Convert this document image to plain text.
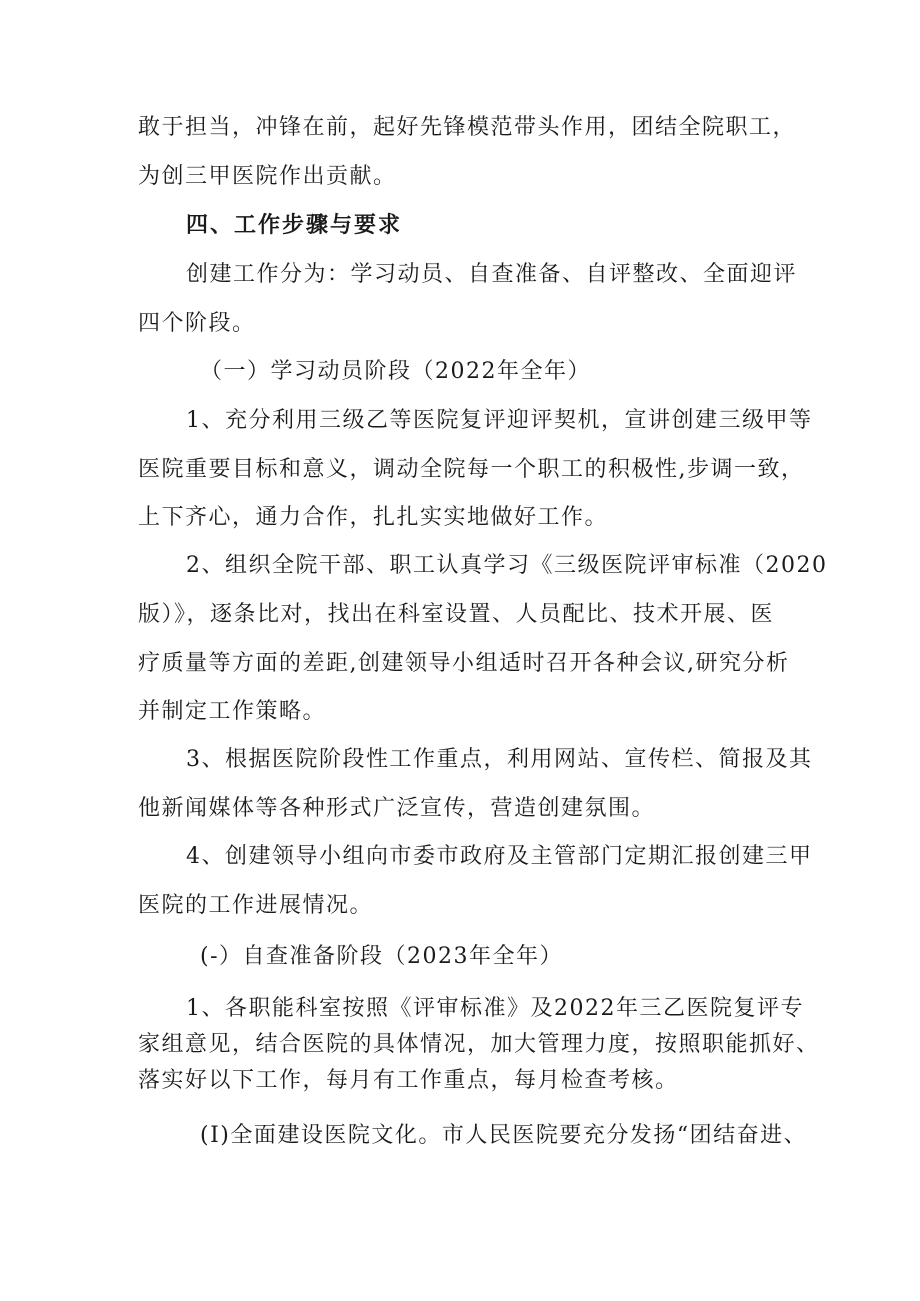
敢于担当，冲锋在前，起好先锋模范带头作用，团结全院职工，
为创三甲医院作出贡献。
四、工作步骤与要求
创建工作分为：学习动员、自查准备、自评整改、全面迎评
四个阶段。
（一）学习动员阶段（2022年全年）
1、充分利用三级乙等医院复评迎评契机，宣讲创建三级甲等
医院重要目标和意义，调动全院每一个职工的积极性,步调一致，
上下齐心，通力合作，扎扎实实地做好工作。
2、组织全院干部、职工认真学习《三级医院评审标准（2020
版）》，逐条比对，找出在科室设置、人员配比、技术开展、医
疗质量等方面的差距,创建领导小组适时召开各种会议,研究分析
并制定工作策略。
3、根据医院阶段性工作重点，利用网站、宣传栏、简报及其
他新闻媒体等各种形式广泛宣传，营造创建氛围。
4、创建领导小组向市委市政府及主管部门定期汇报创建三甲
医院的工作进展情况。
(-）自查准备阶段（2023年全年）
1、各职能科室按照《评审标准》及2022年三乙医院复评专
家组意见，结合医院的具体情况，加大管理力度，按照职能抓好、
落实好以下工作，每月有工作重点，每月检查考核。
(I)全面建设医院文化。市人民医院要充分发扬“团结奋进、
